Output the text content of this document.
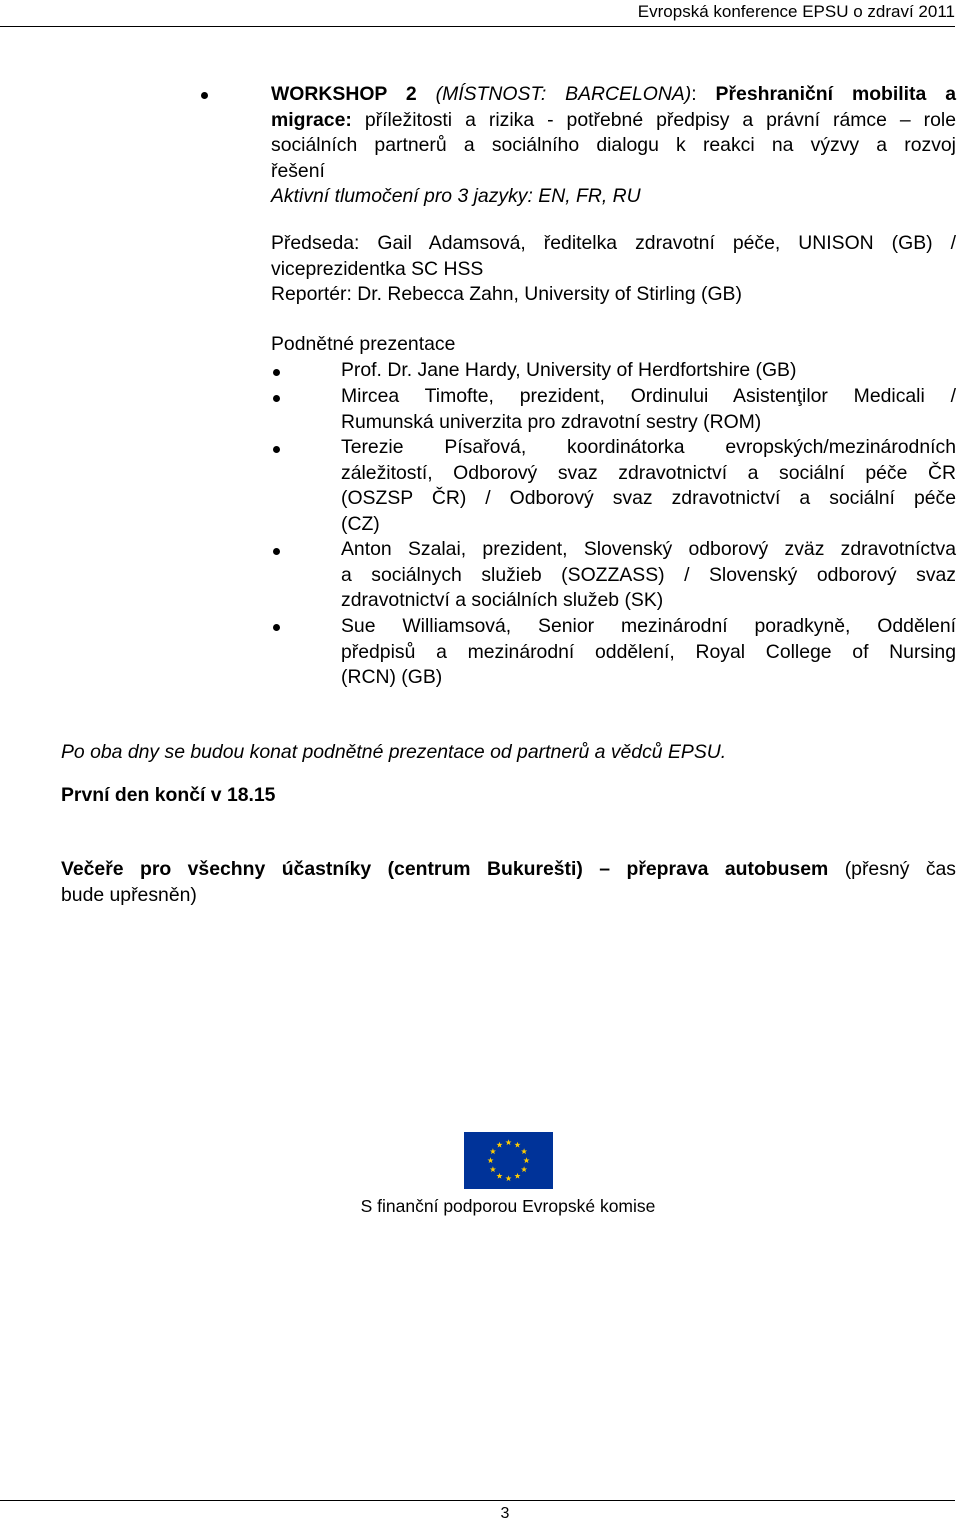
Evropská konference EPSU o zdraví 2011
WORKSHOP 2 (MÍSTNOST: BARCELONA): Přeshraniční mobilita a
migrace: příležitosti a rizika - potřebné předpisy a právní rámce – role
sociálních partnerů a sociálního dialogu k reakci na výzvy a rozvoj
řešení
Aktivní tlumočení pro 3 jazyky: EN, FR, RU
Předseda: Gail Adamsová, ředitelka zdravotní péče, UNISON (GB) /
viceprezidentka SC HSS
Reportér: Dr. Rebecca Zahn, University of Stirling (GB)
Podnětné prezentace
Prof. Dr. Jane Hardy, University of Herdfortshire (GB)
Mircea Timofte, prezident, Ordinului Asistenţilor Medicali /
Rumunská univerzita pro zdravotní sestry (ROM)
Terezie Písařová, koordinátorka evropských/mezinárodních
záležitostí, Odborový svaz zdravotnictví a sociální péče ČR
(OSZSP ČR) / Odborový svaz zdravotnictví a sociální péče
(CZ)
Anton Szalai, prezident, Slovenský odborový zväz zdravotníctva
a sociálnych služieb (SOZZASS) / Slovenský odborový svaz
zdravotnictví a sociálních služeb (SK)
Sue Williamsová, Senior mezinárodní poradkyně, Oddělení
předpisů a mezinárodní oddělení, Royal College of Nursing
(RCN) (GB)
Po oba dny se budou konat podnětné prezentace od partnerů a vědců EPSU.
První den končí v 18.15
Večeře pro všechny účastníky (centrum Bukurešti) – přeprava autobusem (přesný čas
bude upřesněn)
S finanční podporou Evropské komise
3
